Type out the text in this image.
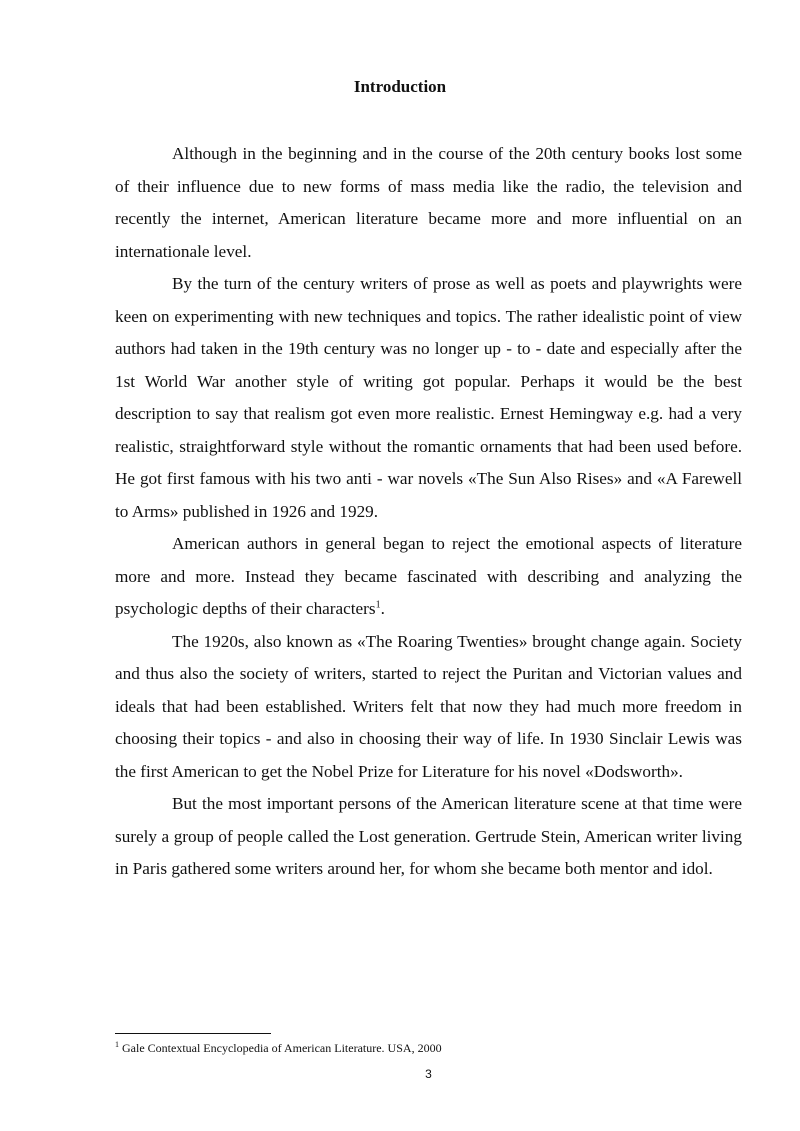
Introduction

Although in the beginning and in the course of the 20th century books lost some of their influence due to new forms of mass media like the radio, the television and recently the internet, American literature became more and more influential on an internationale level.

By the turn of the century writers of prose as well as poets and playwrights were keen on experimenting with new techniques and topics. The rather idealistic point of view authors had taken in the 19th century was no longer up - to - date and especially after the 1st World War another style of writing got popular. Perhaps it would be the best description to say that realism got even more realistic. Ernest Hemingway e.g. had a very realistic, straightforward style without the romantic ornaments that had been used before. He got first famous with his two anti - war novels «The Sun Also Rises» and «A Farewell to Arms» published in 1926 and 1929.

American authors in general began to reject the emotional aspects of literature more and more. Instead they became fascinated with describing and analyzing the psychologic depths of their characters$^1$.

The 1920s, also known as «The Roaring Twenties» brought change again. Society and thus also the society of writers, started to reject the Puritan and Victorian values and ideals that had been established. Writers felt that now they had much more freedom in choosing their topics - and also in choosing their way of life. In 1930 Sinclair Lewis was the first American to get the Nobel Prize for Literature for his novel «Dodsworth».

But the most important persons of the American literature scene at that time were surely a group of people called the Lost generation. Gertrude Stein, American writer living in Paris gathered some writers around her, for whom she became both mentor and idol.

$^1$ Gale Contextual Encyclopedia of American Literature. USA, 2000
3
